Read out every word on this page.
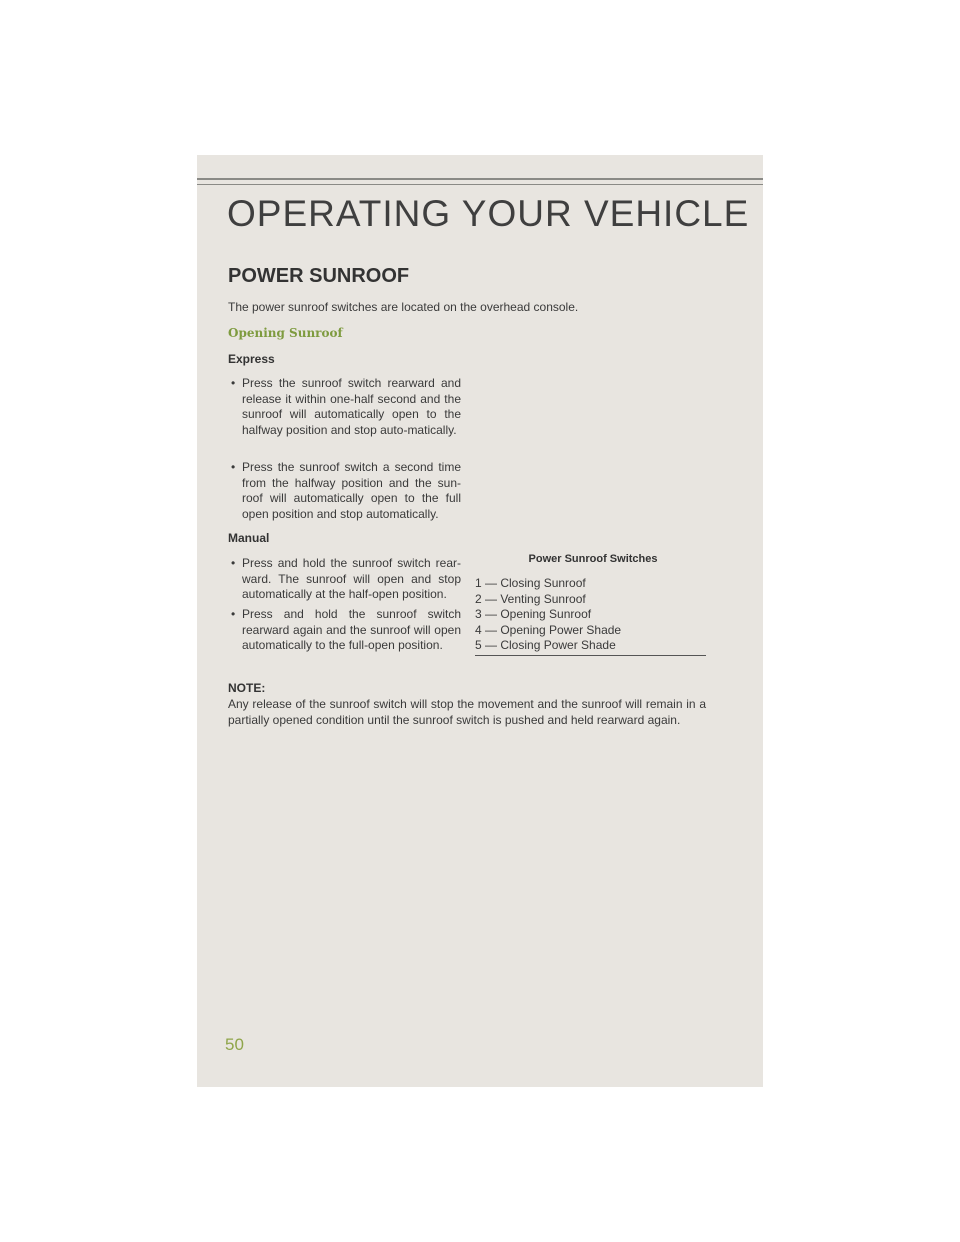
OPERATING YOUR VEHICLE
POWER SUNROOF
The power sunroof switches are located on the overhead console.
Opening Sunroof
Express
• Press the sunroof switch rearward and release it within one-half second and the sunroof will automatically open to the halfway position and stop auto-matically.
• Press the sunroof switch a second time from the halfway position and the sun-roof will automatically open to the full open position and stop automatically.
Manual
• Press and hold the sunroof switch rear-ward. The sunroof will open and stop automatically at the half-open position.
• Press and hold the sunroof switch rearward again and the sunroof will open automatically to the full-open position.
Power Sunroof Switches
1 — Closing Sunroof
2 — Venting Sunroof
3 — Opening Sunroof
4 — Opening Power Shade
5 — Closing Power Shade
NOTE:
Any release of the sunroof switch will stop the movement and the sunroof will remain in a partially opened condition until the sunroof switch is pushed and held rearward again.
50
